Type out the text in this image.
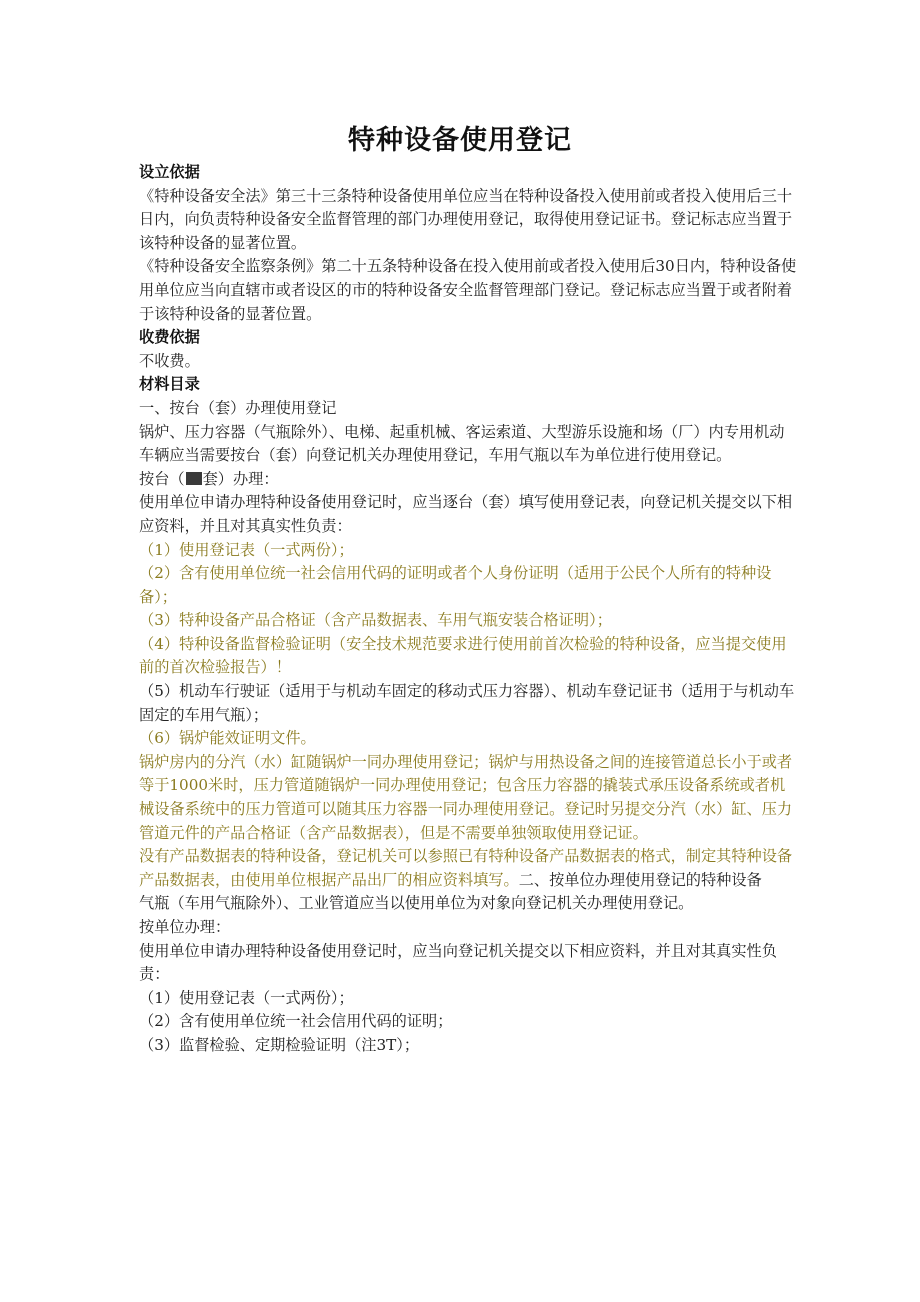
特种设备使用登记

设立依据

《特种设备安全法》第三十三条特种设备使用单位应当在特种设备投入使用前或者投入使用后三十日内，向负责特种设备安全监督管理的部门办理使用登记，取得使用登记证书。登记标志应当置于该特种设备的显著位置。

《特种设备安全监察条例》第二十五条特种设备在投入使用前或者投入使用后30日内，特种设备使用单位应当向直辖市或者设区的市的特种设备安全监督管理部门登记。登记标志应当置于或者附着于该特种设备的显著位置。

收费依据

不收费。

材料目录

一、按台（套）办理使用登记

锅炉、压力容器（气瓶除外）、电梯、起重机械、客运索道、大型游乐设施和场（厂）内专用机动车辆应当需要按台（套）向登记机关办理使用登记，车用气瓶以车为单位进行使用登记。

按台（ 套）办理：

使用单位申请办理特种设备使用登记时，应当逐台（套）填写使用登记表，向登记机关提交以下相应资料，并且对其真实性负责：

（1）使用登记表（一式两份）；

（2）含有使用单位统一社会信用代码的证明或者个人身份证明（适用于公民个人所有的特种设备）；

（3）特种设备产品合格证（含产品数据表、车用气瓶安装合格证明）；

（4）特种设备监督检验证明（安全技术规范要求进行使用前首次检验的特种设备，应当提交使用前的首次检验报告）！

（5）机动车行驶证（适用于与机动车固定的移动式压力容器）、机动车登记证书（适用于与机动车固定的车用气瓶）；

（6）锅炉能效证明文件。

锅炉房内的分汽（水）缸随锅炉一同办理使用登记；锅炉与用热设备之间的连接管道总长小于或者等于1000米时，压力管道随锅炉一同办理使用登记；包含压力容器的撬装式承压设备系统或者机械设备系统中的压力管道可以随其压力容器一同办理使用登记。登记时另提交分汽（水）缸、压力管道元件的产品合格证（含产品数据表），但是不需要单独领取使用登记证。

没有产品数据表的特种设备，登记机关可以参照已有特种设备产品数据表的格式，制定其特种设备产品数据表，由使用单位根据产品出厂的相应资料填写。二、按单位办理使用登记的特种设备

气瓶（车用气瓶除外）、工业管道应当以使用单位为对象向登记机关办理使用登记。

按单位办理：

使用单位申请办理特种设备使用登记时，应当向登记机关提交以下相应资料，并且对其真实性负责：

（1）使用登记表（一式两份）；

（2）含有使用单位统一社会信用代码的证明；

（3）监督检验、定期检验证明（注3T）；
